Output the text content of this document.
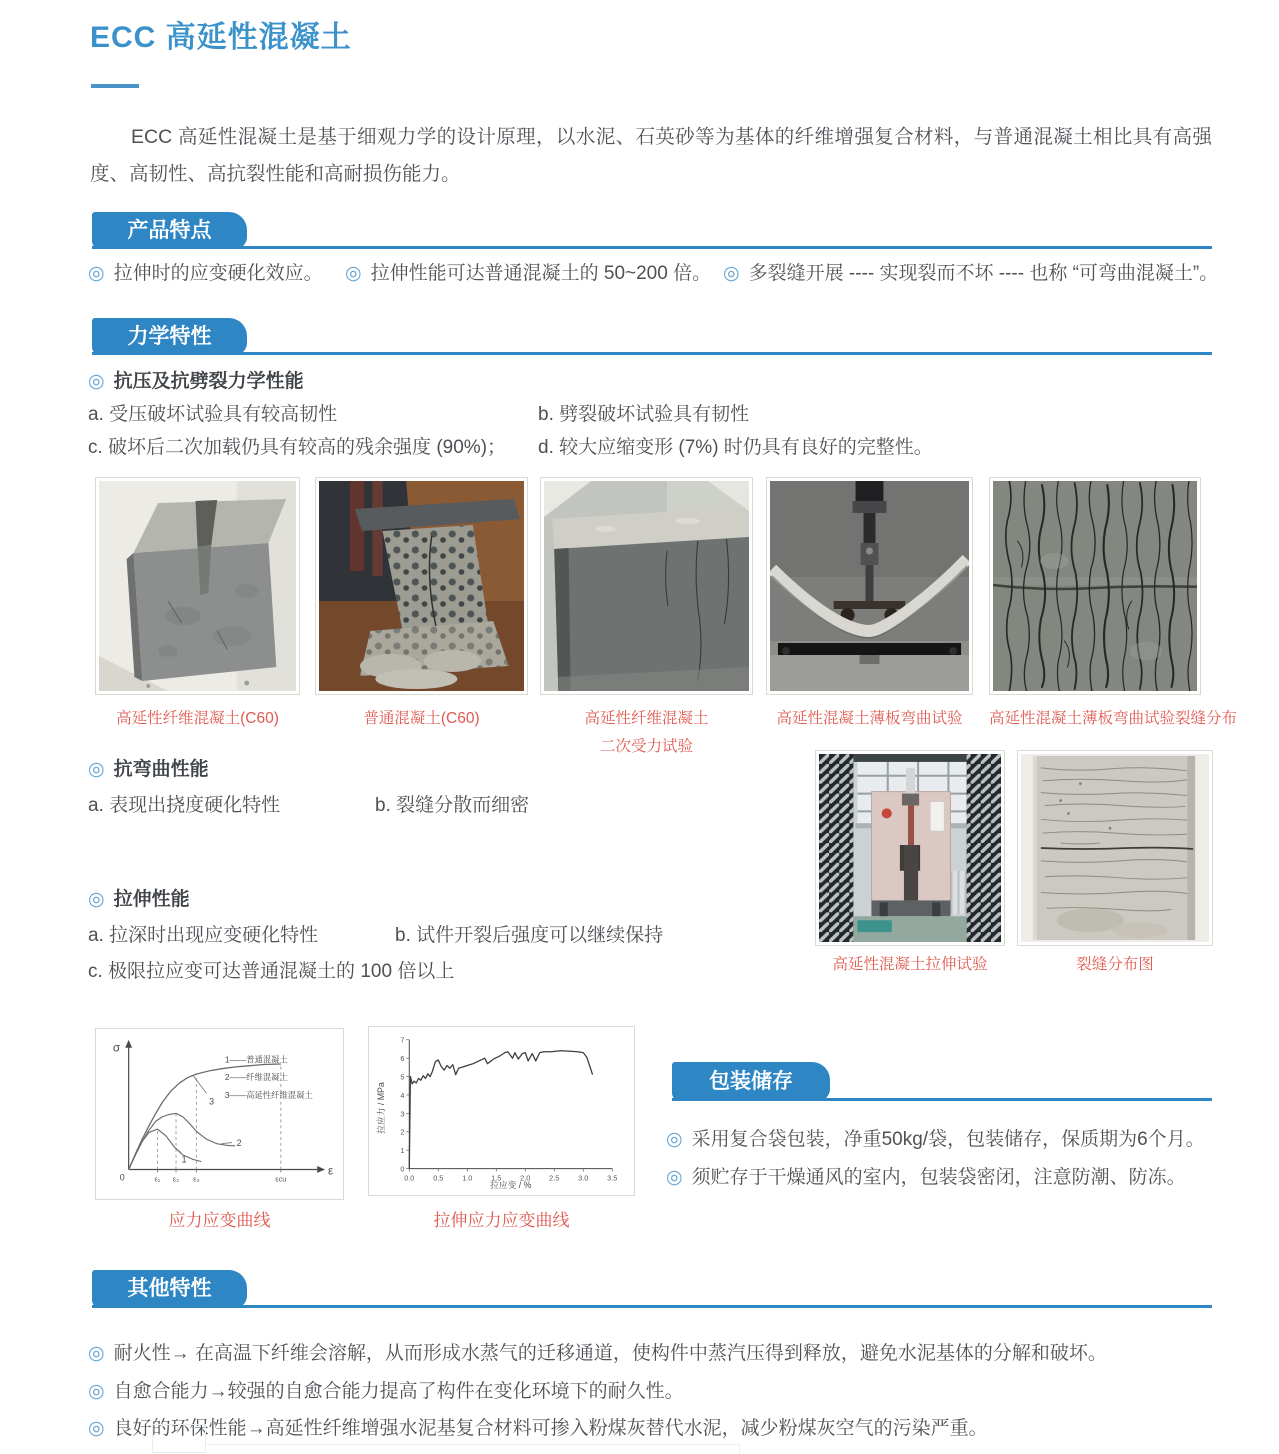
ECC 高延性混凝土
ECC 高延性混凝土是基于细观力学的设计原理，以水泥、石英砂等为基体的纤维增强复合材料，与普通混凝土相比具有高强度、高韧性、高抗裂性能和高耐损伤能力。
产品特点
◎ 拉伸时的应变硬化效应。 ◎ 拉伸性能可达普通混凝土的 50~200 倍。 ◎ 多裂缝开展 ---- 实现裂而不坏 ---- 也称 “可弯曲混凝土”。
力学特性
◎ 抗压及抗劈裂力学性能
a. 受压破坏试验具有较高韧性	b. 劈裂破坏试验具有韧性
c. 破坏后二次加载仍具有较高的残余强度 (90%)； d. 较大应缩变形 (7%) 时仍具有良好的完整性。
高延性纤维混凝土(C60)	普通混凝土(C60)	高延性纤维混凝土
二次受力试验
高延性混凝土薄板弯曲试验	高延性混凝土薄板弯曲试验裂缝分布
◎ 抗弯曲性能
a. 表现出挠度硬化特性	b. 裂缝分散而细密
高延性混凝土拉伸试验	裂缝分布图
◎ 拉伸性能
a. 拉深时出现应变硬化特性	b. 试件开裂后强度可以继续保持
c. 极限拉应变可达普通混凝土的 100 倍以上
ε₁ ε₂ ε₃	εcu
σ
ε
0
1——普通混凝土
2——纤维混凝土
3——高延性纤维混凝土
3
2
1
0.0	0.5	1.0	1.5	2.0	2.5	3.0	3.5
0
1
2
3
4
5
6
7
拉应变 / %
拉应力 / MPa
应力应变曲线	拉伸应力应变曲线
包装储存
◎ 采用复合袋包装，净重50kg/袋，包装储存，保质期为6个月。
◎ 须贮存于干燥通风的室内，包装袋密闭，注意防潮、防冻。
其他特性
◎ 耐火性→ 在高温下纤维会溶解，从而形成水蒸气的迁移通道，使构件中蒸汽压得到释放，避免水泥基体的分解和破坏。
◎ 自愈合能力→较强的自愈合能力提高了构件在变化环境下的耐久性。
◎ 良好的环保性能→高延性纤维增强水泥基复合材料可掺入粉煤灰替代水泥，减少粉煤灰空气的污染严重。
